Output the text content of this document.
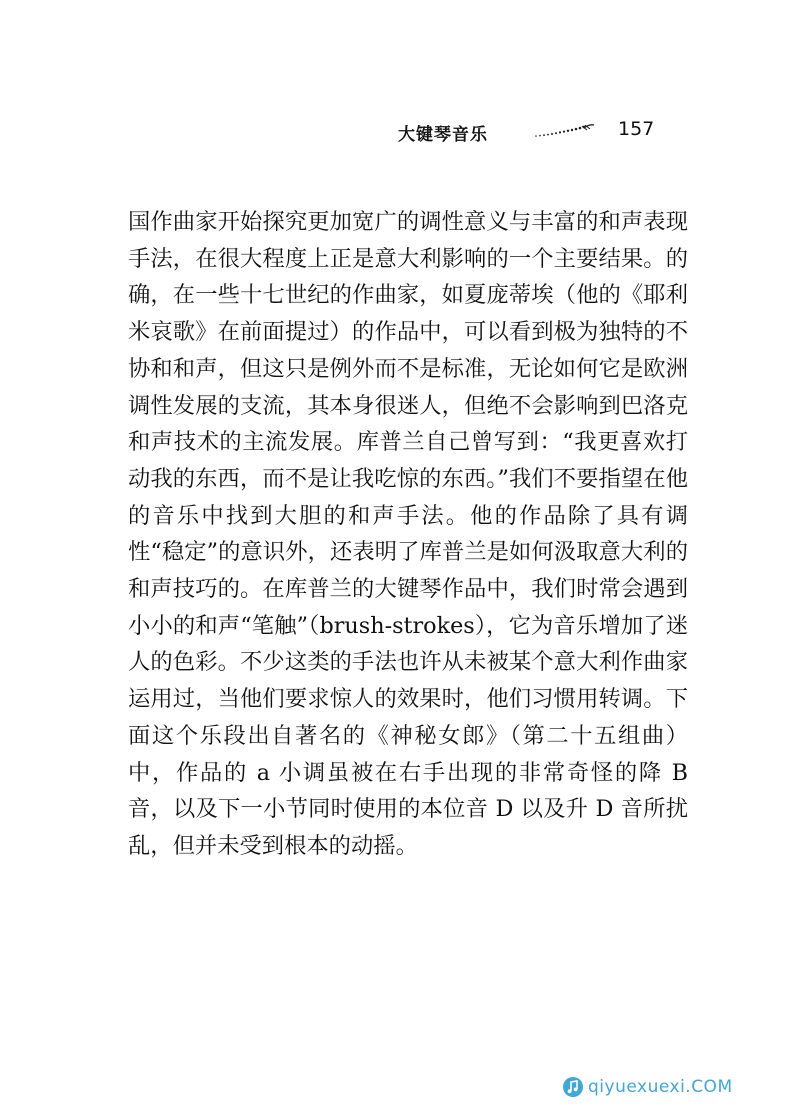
大键琴音乐	157

国作曲家开始探究更加宽广的调性意义与丰富的和声表现手法，在很大程度上正是意大利影响的一个主要结果。的确，在一些十七世纪的作曲家，如夏庞蒂埃（他的《耶利米哀歌》在前面提过）的作品中，可以看到极为独特的不协和和声，但这只是例外而不是标准，无论如何它是欧洲调性发展的支流，其本身很迷人，但绝不会影响到巴洛克和声技术的主流发展。库普兰自己曾写到：“我更喜欢打动我的东西，而不是让我吃惊的东西。”我们不要指望在他的音乐中找到大胆的和声手法。他的作品除了具有调性“稳定”的意识外，还表明了库普兰是如何汲取意大利的和声技巧的。在库普兰的大键琴作品中，我们时常会遇到小小的和声“笔触”（brush-strokes），它为音乐增加了迷人的色彩。不少这类的手法也许从未被某个意大利作曲家运用过，当他们要求惊人的效果时，他们习惯用转调。下面这个乐段出自著名的《神秘女郎》（第二十五组曲）中，作品的 a 小调虽被在右手出现的非常奇怪的降 B 音，以及下一小节同时使用的本位音 D 以及升 D 音所扰乱，但并未受到根本的动摇。

qiyuexuexi.COM
